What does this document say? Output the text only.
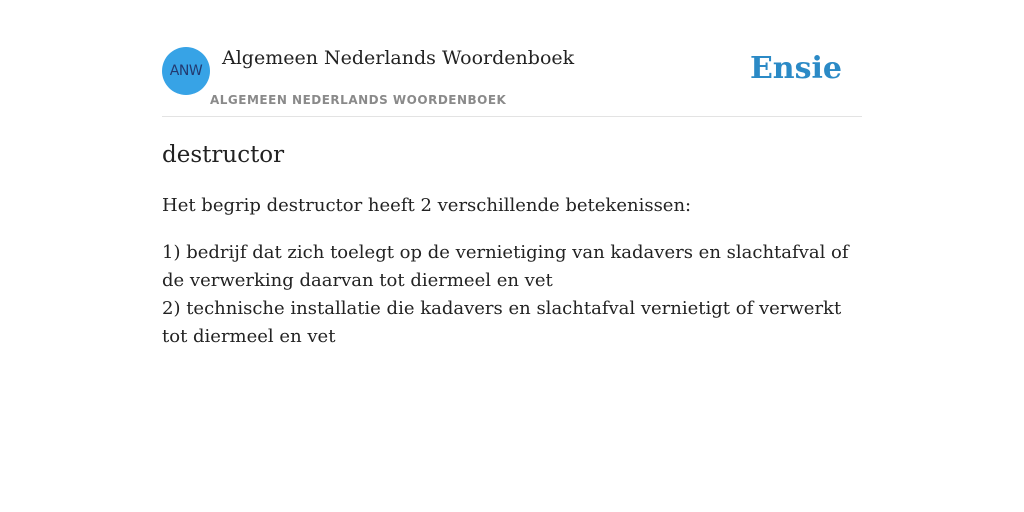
ANW
Algemeen Nederlands Woordenboek
ALGEMEEN NEDERLANDS WOORDENBOEK
Ensie
destructor

Het begrip destructor heeft 2 verschillende betekenissen:

1) bedrijf dat zich toelegt op de vernietiging van kadavers en slachtafval of de verwerking daarvan tot diermeel en vet
2) technische installatie die kadavers en slachtafval vernietigt of verwerkt tot diermeel en vet
